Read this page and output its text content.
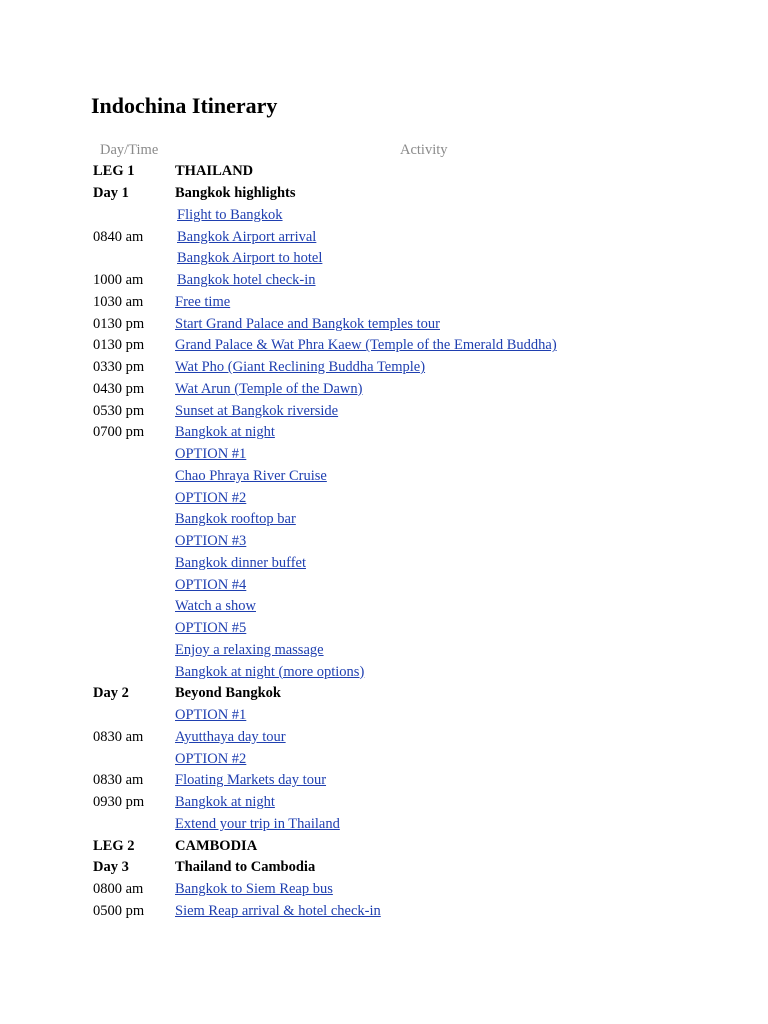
Indochina Itinerary
Day/Time	Activity
LEG 1	THAILAND
Day 1	Bangkok highlights
Flight to Bangkok
0840 am	Bangkok Airport arrival
Bangkok Airport to hotel
1000 am	Bangkok hotel check-in
1030 am	Free time
0130 pm	Start Grand Palace and Bangkok temples tour
0130 pm	Grand Palace & Wat Phra Kaew (Temple of the Emerald Buddha)
0330 pm	Wat Pho (Giant Reclining Buddha Temple)
0430 pm	Wat Arun (Temple of the Dawn)
0530 pm	Sunset at Bangkok riverside
0700 pm	Bangkok at night
OPTION #1
Chao Phraya River Cruise
OPTION #2
Bangkok rooftop bar
OPTION #3
Bangkok dinner buffet
OPTION #4
Watch a show
OPTION #5
Enjoy a relaxing massage
Bangkok at night (more options)
Day 2	Beyond Bangkok
OPTION #1
0830 am	Ayutthaya day tour
OPTION #2
0830 am	Floating Markets day tour
0930 pm	Bangkok at night
Extend your trip in Thailand
LEG 2	CAMBODIA
Day 3	Thailand to Cambodia
0800 am	Bangkok to Siem Reap bus
0500 pm	Siem Reap arrival & hotel check-in
